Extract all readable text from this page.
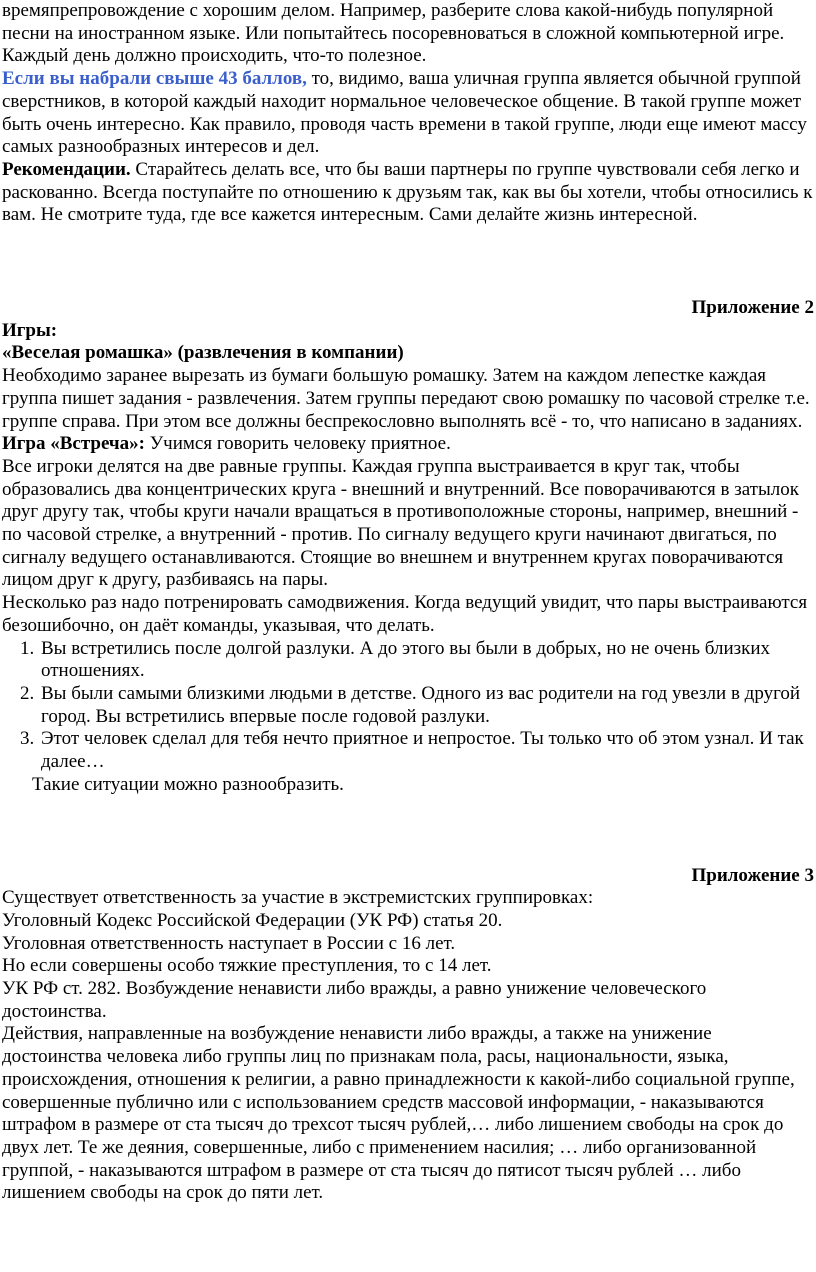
времяпрепровождение с хорошим делом. Например, разберите слова какой-нибудь популярной песни на иностранном языке. Или попытайтесь посоревноваться в сложной компьютерной игре. Каждый день должно происходить, что-то полезное.

Если вы набрали свыше 43 баллов, то, видимо, ваша уличная группа является обычной группой сверстников, в которой каждый находит нормальное человеческое общение. В такой группе может быть очень интересно. Как правило, проводя часть времени в такой группе, люди еще имеют массу самых разнообразных интересов и дел.

Рекомендации. Старайтесь делать все, что бы ваши партнеры по группе чувствовали себя легко и раскованно. Всегда поступайте по отношению к друзьям так, как вы бы хотели, чтобы относились к вам. Не смотрите туда, где все кажется интересным. Сами делайте жизнь интересной.

Приложение 2

Игры:

«Веселая ромашка» (развлечения в компании)

Необходимо заранее вырезать из бумаги большую ромашку. Затем на каждом лепестке каждая группа пишет задания - развлечения. Затем группы передают свою ромашку по часовой стрелке т.е. группе справа. При этом все должны беспрекословно выполнять всё - то, что написано в заданиях.

Игра «Встреча»: Учимся говорить человеку приятное.

Все игроки делятся на две равные группы. Каждая группа выстраивается в круг так, чтобы образовались два концентрических круга - внешний и внутренний. Все поворачиваются в затылок друг другу так, чтобы круги начали вращаться в противоположные стороны, например, внешний - по часовой стрелке, а внутренний - против. По сигналу ведущего круги начинают двигаться, по сигналу ведущего останавливаются. Стоящие во внешнем и внутреннем кругах поворачиваются лицом друг к другу, разбиваясь на пары.

Несколько раз надо потренировать самодвижения. Когда ведущий увидит, что пары выстраиваются безошибочно, он даёт команды, указывая, что делать.

1. Вы встретились после долгой разлуки. А до этого вы были в добрых, но не очень близких отношениях.
2. Вы были самыми близкими людьми в детстве. Одного из вас родители на год увезли в другой город. Вы встретились впервые после годовой разлуки.
3. Этот человек сделал для тебя нечто приятное и непростое. Ты только что об этом узнал. И так далее…

Такие ситуации можно разнообразить.

Приложение 3

Существует ответственность за участие в экстремистских группировках:

Уголовный Кодекс Российской Федерации (УК РФ) статья 20.

Уголовная ответственность наступает в России с 16 лет.

Но если совершены особо тяжкие преступления, то с 14 лет.

УК РФ ст. 282. Возбуждение ненависти либо вражды, а равно унижение человеческого достоинства.

Действия, направленные на возбуждение ненависти либо вражды, а также на унижение достоинства человека либо группы лиц по признакам пола, расы, национальности, языка, происхождения, отношения к религии, а равно принадлежности к какой-либо социальной группе, совершенные публично или с использованием средств массовой информации, - наказываются штрафом в размере от ста тысяч до трехсот тысяч рублей,… либо лишением свободы на срок до двух лет. Те же деяния, совершенные, либо с применением насилия; … либо организованной группой, - наказываются штрафом в размере от ста тысяч до пятисот тысяч рублей … либо лишением свободы на срок до пяти лет.
